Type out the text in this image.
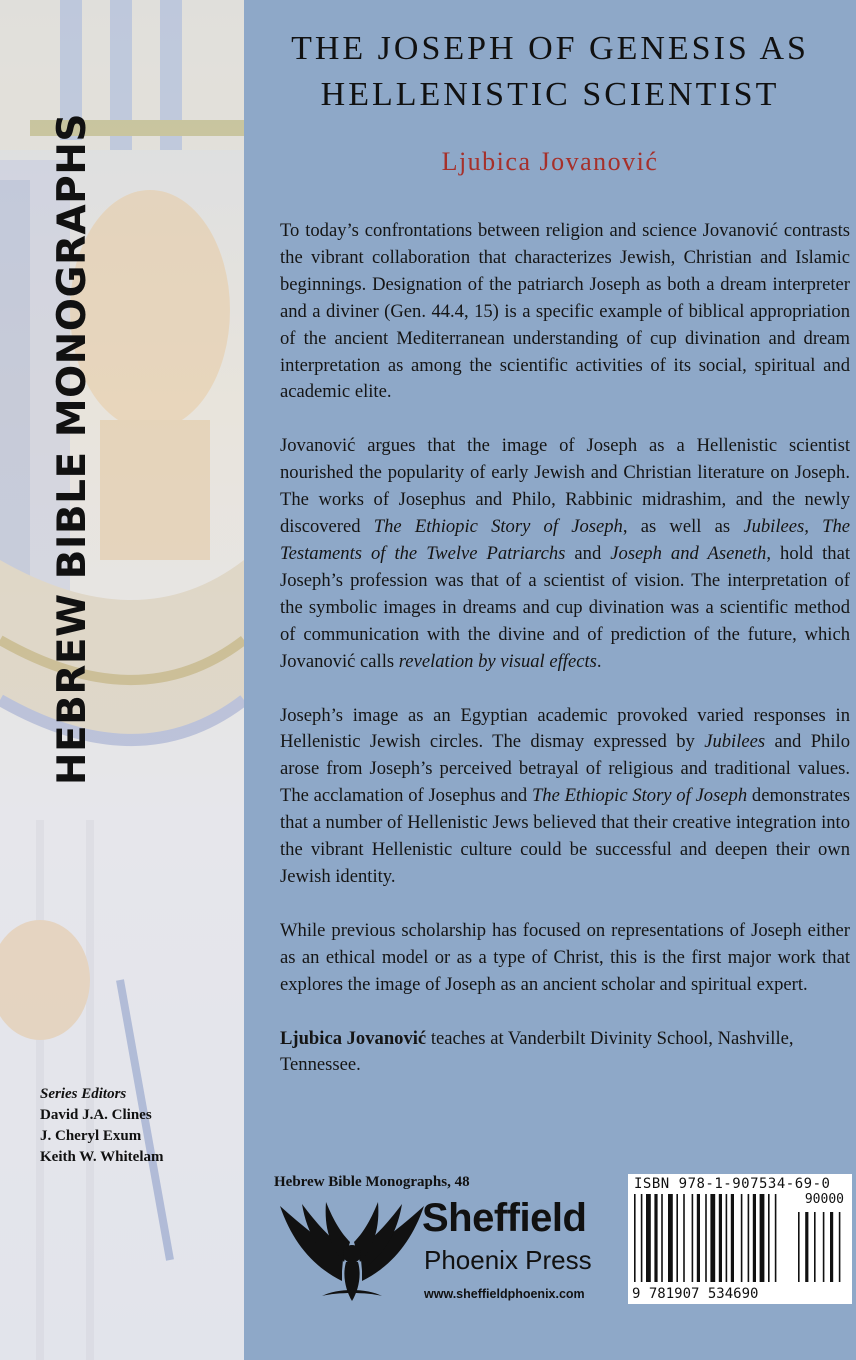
HEBREW BIBLE MONOGRAPHS
Series Editors
David J.A. Clines
J. Cheryl Exum
Keith W. Whitelam
THE JOSEPH OF GENESIS AS
HELLENISTIC SCIENTIST
Ljubica Jovanović

To today’s confrontations between religion and science Jovanović contrasts the vibrant collaboration that characterizes Jewish, Christian and Islamic beginnings. Designation of the patriarch Joseph as both a dream interpreter and a diviner (Gen. 44.4, 15) is a specific example of biblical appropriation of the ancient Mediterranean understanding of cup divination and dream interpretation as among the scientific activities of its social, spiritual and academic elite.

Jovanović argues that the image of Joseph as a Hellenistic scientist nourished the popularity of early Jewish and Christian literature on Joseph. The works of Josephus and Philo, Rabbinic midrashim, and the newly discovered The Ethiopic Story of Joseph, as well as Jubilees, The Testaments of the Twelve Patriarchs and Joseph and Aseneth, hold that Joseph’s profession was that of a scientist of vision. The interpretation of the symbolic images in dreams and cup divination was a scientific method of communication with the divine and of prediction of the future, which Jovanović calls revelation by visual effects.

Joseph’s image as an Egyptian academic provoked varied responses in Hellenistic Jewish circles. The dismay expressed by Jubilees and Philo arose from Joseph’s perceived betrayal of religious and traditional values. The acclamation of Josephus and The Ethiopic Story of Joseph demonstrates that a number of Hellenistic Jews believed that their creative integration into the vibrant Hellenistic culture could be successful and deepen their own Jewish identity.

While previous scholarship has focused on representations of Joseph either as an ethical model or as a type of Christ, this is the first major work that explores the image of Joseph as an ancient scholar and spiritual expert.

Ljubica Jovanović teaches at Vanderbilt Divinity School, Nashville, Tennessee.

Hebrew Bible Monographs, 48
Sheffield
Phoenix Press
www.sheffieldphoenix.com
ISBN 978-1-907534-69-0
90000
9 781907 534690
